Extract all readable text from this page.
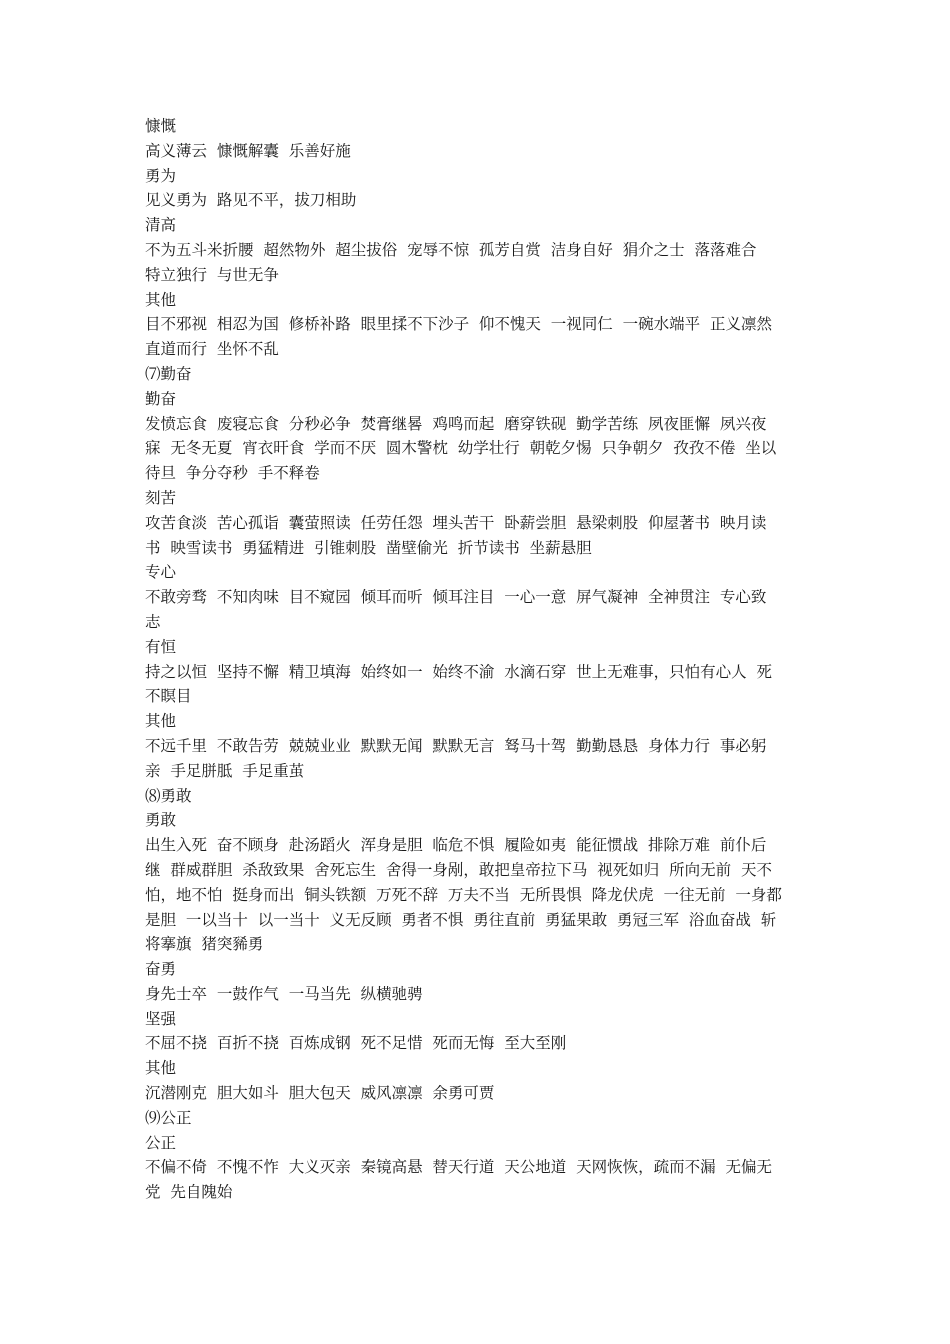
慷慨

高义薄云  慷慨解囊  乐善好施

勇为

见义勇为  路见不平，拔刀相助

清高

不为五斗米折腰  超然物外  超尘拔俗  宠辱不惊  孤芳自赏  洁身自好  狷介之士  落落难合

特立独行  与世无争

其他

目不邪视  相忍为国  修桥补路  眼里揉不下沙子  仰不愧天  一视同仁  一碗水端平  正义凛然

直道而行  坐怀不乱

⑺勤奋

勤奋

发愤忘食  废寝忘食  分秒必争  焚膏继晷  鸡鸣而起  磨穿铁砚  勤学苦练  夙夜匪懈  夙兴夜

寐  无冬无夏  宵衣旰食  学而不厌  圆木警枕  幼学壮行  朝乾夕惕  只争朝夕  孜孜不倦  坐以

待旦  争分夺秒  手不释卷

刻苦

攻苦食淡  苦心孤诣  囊萤照读  任劳任怨  埋头苦干  卧薪尝胆  悬梁刺股  仰屋著书  映月读

书  映雪读书  勇猛精进  引锥刺股  凿壁偷光  折节读书  坐薪悬胆

专心

不敢旁骛  不知肉味  目不窥园  倾耳而听  倾耳注目  一心一意  屏气凝神  全神贯注  专心致

志

有恒

持之以恒  坚持不懈  精卫填海  始终如一  始终不渝  水滴石穿  世上无难事，只怕有心人  死

不瞑目

其他

不远千里  不敢告劳  兢兢业业  默默无闻  默默无言  驽马十驾  勤勤恳恳  身体力行  事必躬

亲  手足胼胝  手足重茧

⑻勇敢

勇敢

出生入死  奋不顾身  赴汤蹈火  浑身是胆  临危不惧  履险如夷  能征惯战  排除万难  前仆后

继  群威群胆  杀敌致果  舍死忘生  舍得一身剐，敢把皇帝拉下马  视死如归  所向无前  天不

怕，地不怕  挺身而出  铜头铁额  万死不辞  万夫不当  无所畏惧  降龙伏虎  一往无前  一身都

是胆  一以当十  以一当十  义无反顾  勇者不惧  勇往直前  勇猛果敢  勇冠三军  浴血奋战  斩

将搴旗  猪突豨勇

奋勇

身先士卒  一鼓作气  一马当先  纵横驰骋

坚强

不屈不挠  百折不挠  百炼成钢  死不足惜  死而无悔  至大至刚

其他

沉潜刚克  胆大如斗  胆大包天  威风凛凛  余勇可贾

⑼公正

公正

不偏不倚  不愧不怍  大义灭亲  秦镜高悬  替天行道  天公地道  天网恢恢，疏而不漏  无偏无

党  先自隗始
